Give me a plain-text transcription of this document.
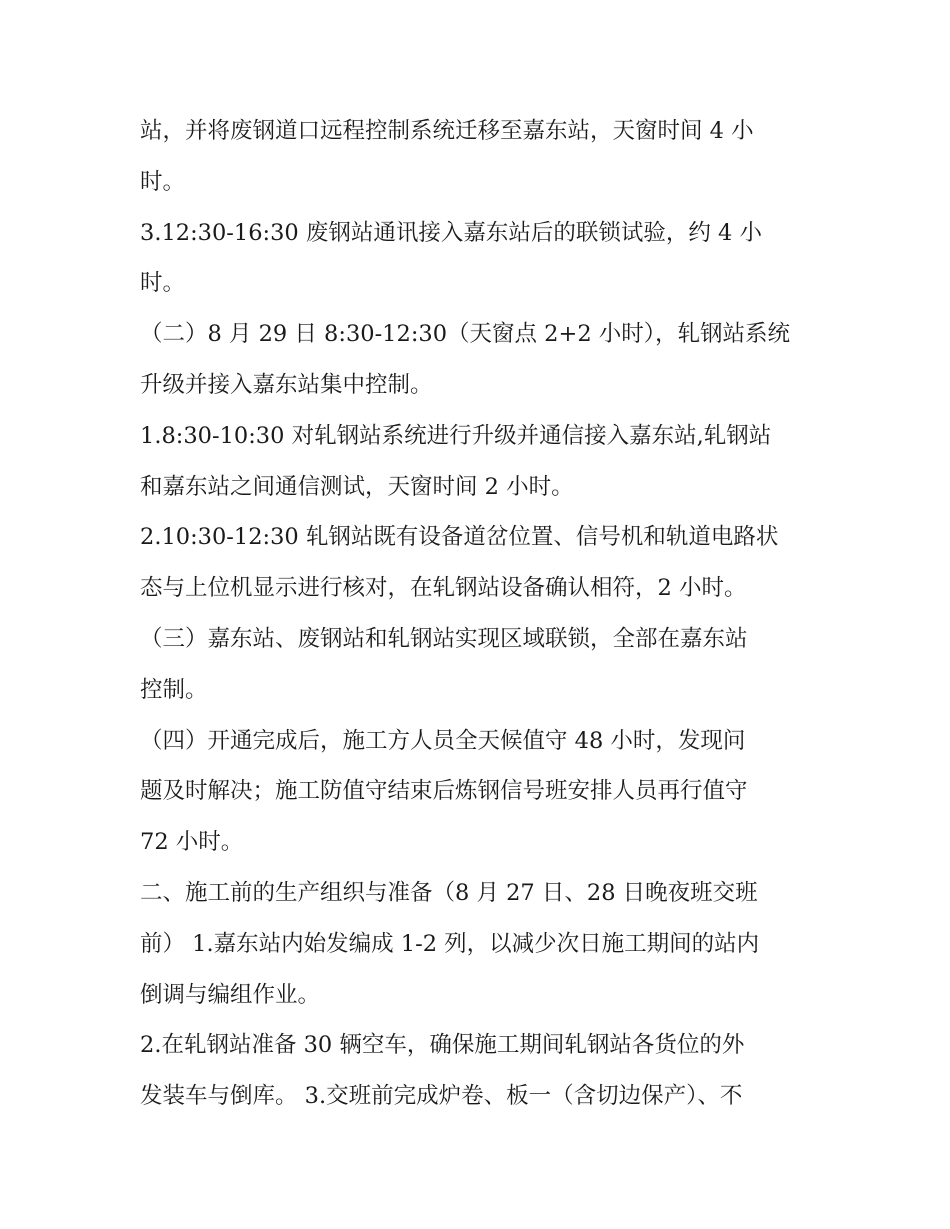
站，并将废钢道口远程控制系统迁移至嘉东站，天窗时间 4 小
时。
3.12:30-16:30 废钢站通讯接入嘉东站后的联锁试验，约 4 小
时。
（二）8 月 29 日 8:30-12:30（天窗点 2+2 小时），轧钢站系统
升级并接入嘉东站集中控制。
1.8:30-10:30 对轧钢站系统进行升级并通信接入嘉东站,轧钢站
和嘉东站之间通信测试，天窗时间 2 小时。
2.10:30-12:30 轧钢站既有设备道岔位置、信号机和轨道电路状
态与上位机显示进行核对，在轧钢站设备确认相符，2 小时。
（三）嘉东站、废钢站和轧钢站实现区域联锁，全部在嘉东站
控制。
（四）开通完成后，施工方人员全天候值守 48 小时，发现问
题及时解决；施工防值守结束后炼钢信号班安排人员再行值守
72 小时。
二、施工前的生产组织与准备（8 月 27 日、28 日晚夜班交班
前） 1.嘉东站内始发编成 1-2 列，以减少次日施工期间的站内
倒调与编组作业。
2.在轧钢站准备 30 辆空车，确保施工期间轧钢站各货位的外
发装车与倒库。 3.交班前完成炉卷、板一（含切边保产）、不
